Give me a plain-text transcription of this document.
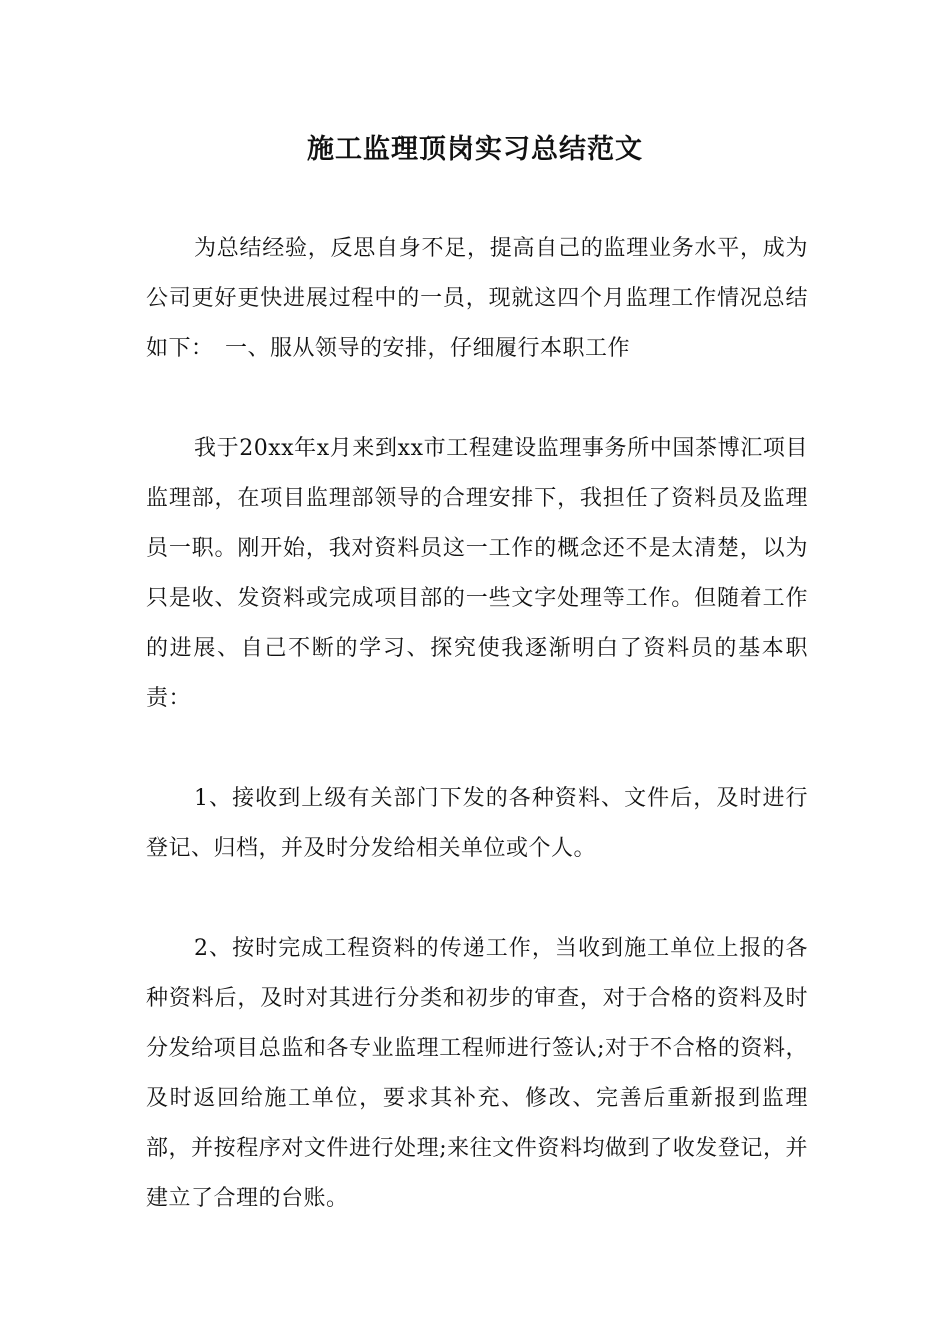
施工监理顶岗实习总结范文

为总结经验，反思自身不足，提高自己的监理业务水平，成为公司更好更快进展过程中的一员，现就这四个月监理工作情况总结如下：　一、服从领导的安排，仔细履行本职工作

我于20xx年x月来到xx市工程建设监理事务所中国茶博汇项目监理部，在项目监理部领导的合理安排下，我担任了资料员及监理员一职。刚开始，我对资料员这一工作的概念还不是太清楚，以为只是收、发资料或完成项目部的一些文字处理等工作。但随着工作的进展、自己不断的学习、探究使我逐渐明白了资料员的基本职责：

1、接收到上级有关部门下发的各种资料、文件后，及时进行登记、归档，并及时分发给相关单位或个人。

2、按时完成工程资料的传递工作，当收到施工单位上报的各种资料后，及时对其进行分类和初步的审查，对于合格的资料及时分发给项目总监和各专业监理工程师进行签认;对于不合格的资料，及时返回给施工单位，要求其补充、修改、完善后重新报到监理部，并按程序对文件进行处理;来往文件资料均做到了收发登记，并建立了合理的台账。
